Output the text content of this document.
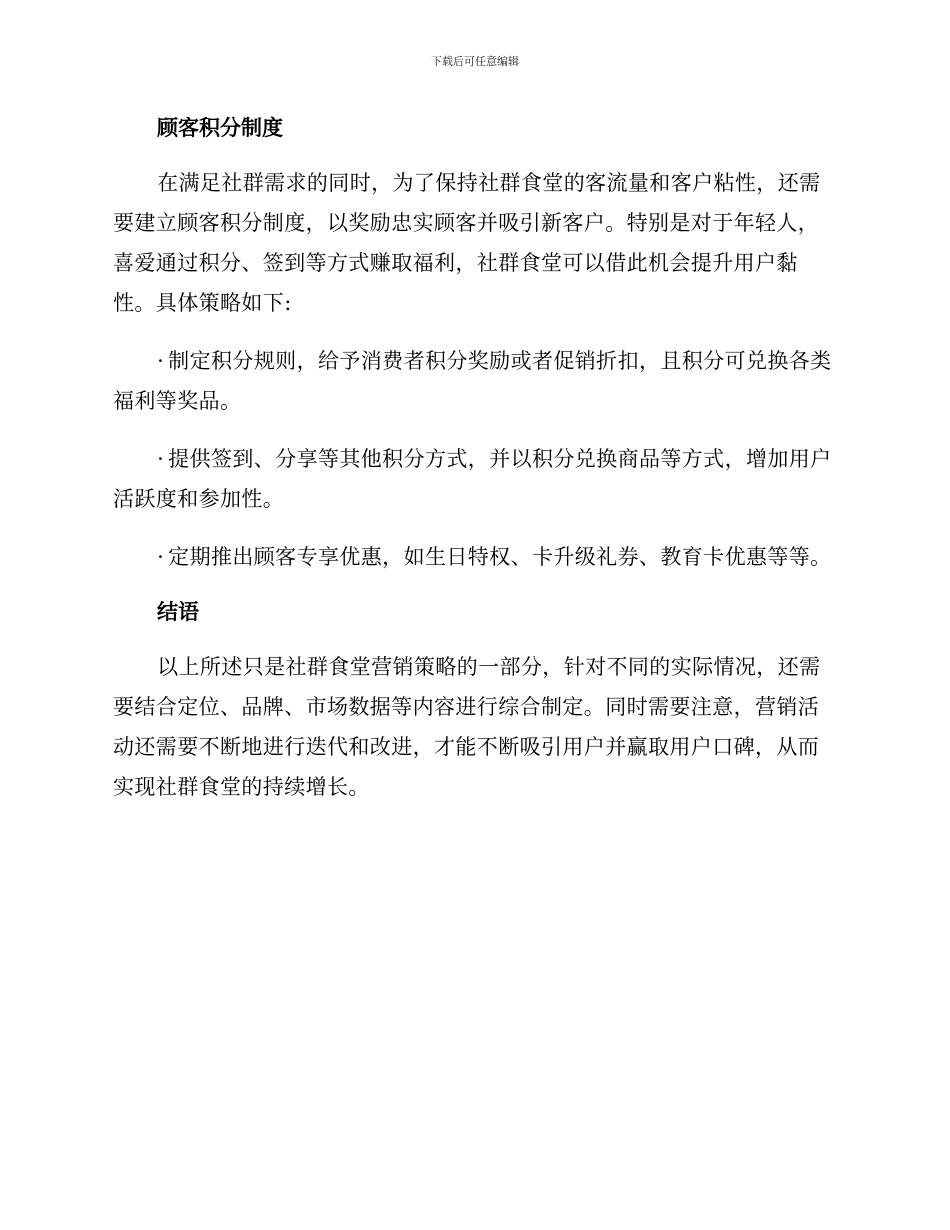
下载后可任意编辑
顾客积分制度

在满足社群需求的同时，为了保持社群食堂的客流量和客户粘性，还需要建立顾客积分制度，以奖励忠实顾客并吸引新客户。特别是对于年轻人，喜爱通过积分、签到等方式赚取福利，社群食堂可以借此机会提升用户黏性。具体策略如下:

· 制定积分规则，给予消费者积分奖励或者促销折扣，且积分可兑换各类福利等奖品。

· 提供签到、分享等其他积分方式，并以积分兑换商品等方式，增加用户活跃度和参加性。

· 定期推出顾客专享优惠，如生日特权、卡升级礼券、教育卡优惠等等。

结语

以上所述只是社群食堂营销策略的一部分，针对不同的实际情况，还需要结合定位、品牌、市场数据等内容进行综合制定。同时需要注意，营销活动还需要不断地进行迭代和改进，才能不断吸引用户并赢取用户口碑，从而实现社群食堂的持续增长。
